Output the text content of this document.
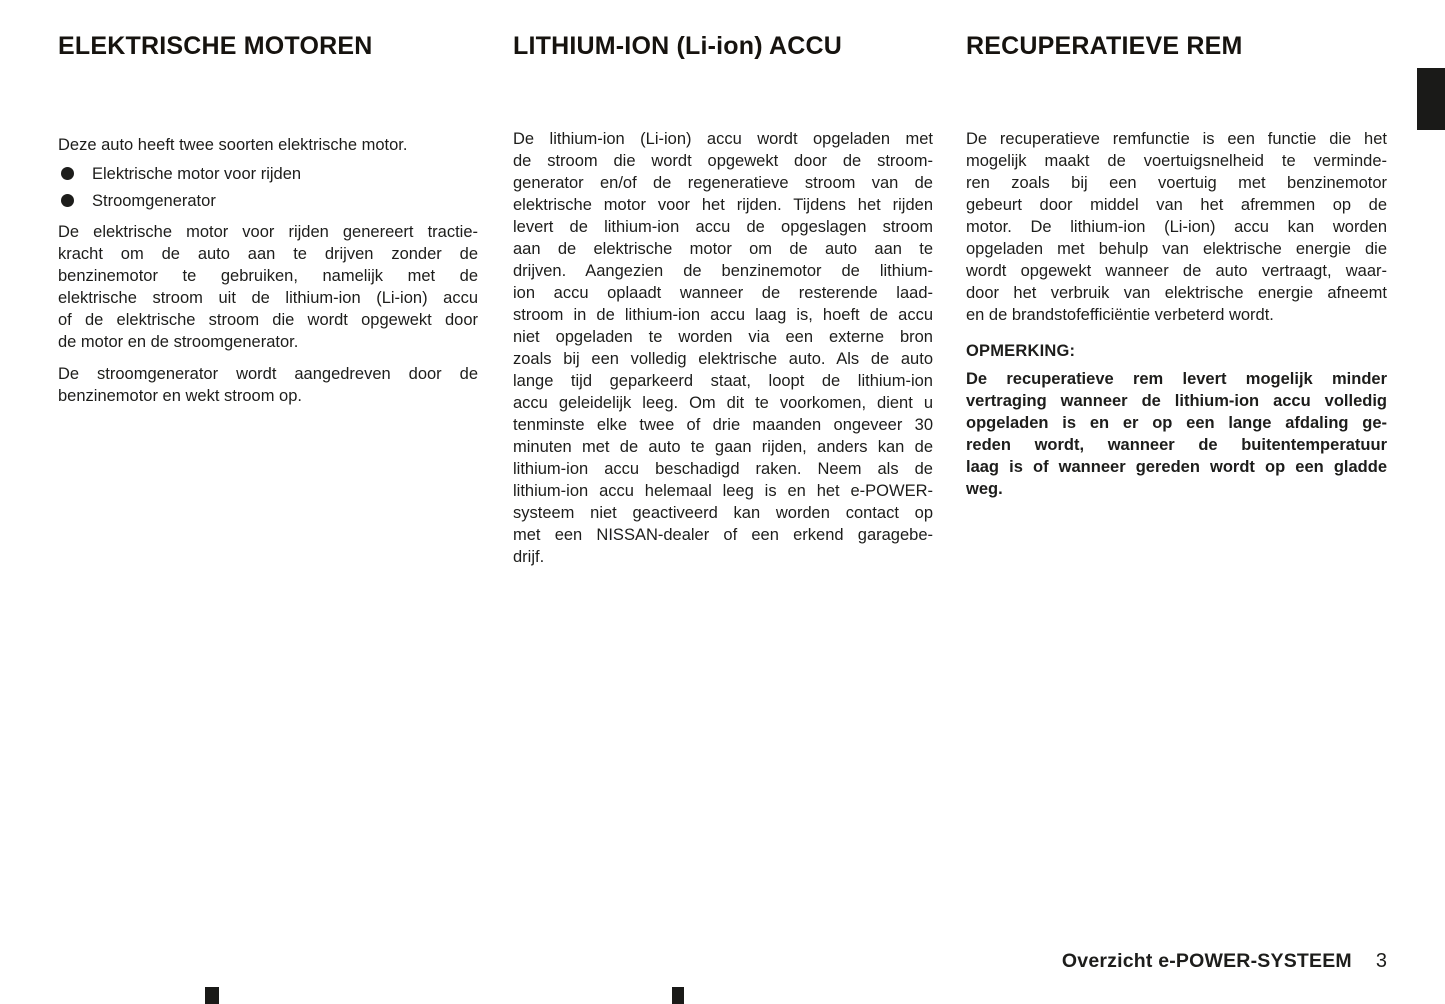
ELEKTRISCHE MOTOREN
Deze auto heeft twee soorten elektrische motor.
Elektrische motor voor rijden
Stroomgenerator
De elektrische motor voor rijden genereert tractie-
kracht om de auto aan te drijven zonder de
benzinemotor te gebruiken, namelijk met de
elektrische stroom uit de lithium-ion (Li-ion) accu
of de elektrische stroom die wordt opgewekt door
de motor en de stroomgenerator.
De stroomgenerator wordt aangedreven door de
benzinemotor en wekt stroom op.
LITHIUM-ION (Li-ion) ACCU
De lithium-ion (Li-ion) accu wordt opgeladen met
de stroom die wordt opgewekt door de stroom-
generator en/of de regeneratieve stroom van de
elektrische motor voor het rijden. Tijdens het rijden
levert de lithium-ion accu de opgeslagen stroom
aan de elektrische motor om de auto aan te
drijven. Aangezien de benzinemotor de lithium-
ion accu oplaadt wanneer de resterende laad-
stroom in de lithium-ion accu laag is, hoeft de accu
niet opgeladen te worden via een externe bron
zoals bij een volledig elektrische auto. Als de auto
lange tijd geparkeerd staat, loopt de lithium-ion
accu geleidelijk leeg. Om dit te voorkomen, dient u
tenminste elke twee of drie maanden ongeveer 30
minuten met de auto te gaan rijden, anders kan de
lithium-ion accu beschadigd raken. Neem als de
lithium-ion accu helemaal leeg is en het e-POWER-
systeem niet geactiveerd kan worden contact op
met een NISSAN-dealer of een erkend garagebe-
drijf.
RECUPERATIEVE REM
De recuperatieve remfunctie is een functie die het
mogelijk maakt de voertuigsnelheid te verminde-
ren zoals bij een voertuig met benzinemotor
gebeurt door middel van het afremmen op de
motor. De lithium-ion (Li-ion) accu kan worden
opgeladen met behulp van elektrische energie die
wordt opgewekt wanneer de auto vertraagt, waar-
door het verbruik van elektrische energie afneemt
en de brandstofefficiëntie verbeterd wordt.
OPMERKING:
De recuperatieve rem levert mogelijk minder
vertraging wanneer de lithium-ion accu volledig
opgeladen is en er op een lange afdaling ge-
reden wordt, wanneer de buitentemperatuur
laag is of wanneer gereden wordt op een gladde
weg.
Overzicht e-POWER-SYSTEEM 3
